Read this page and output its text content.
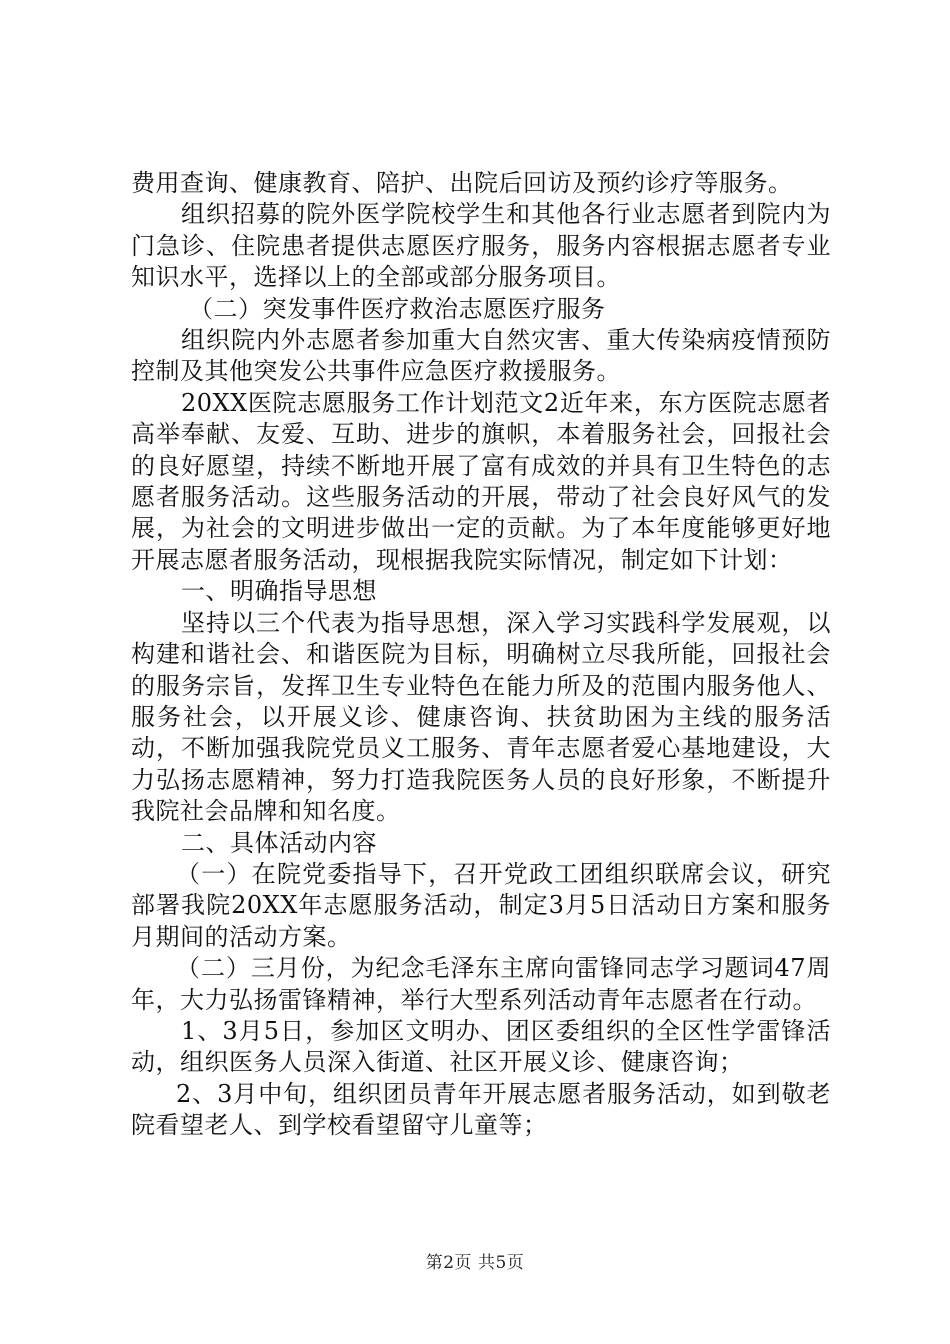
费用查询、健康教育、陪护、出院后回访及预约诊疗等服务。

组织招募的院外医学院校学生和其他各行业志愿者到院内为门急诊、住院患者提供志愿医疗服务，服务内容根据志愿者专业知识水平，选择以上的全部或部分服务项目。

（二）突发事件医疗救治志愿医疗服务

组织院内外志愿者参加重大自然灾害、重大传染病疫情预防控制及其他突发公共事件应急医疗救援服务。

20XX医院志愿服务工作计划范文2近年来，东方医院志愿者高举奉献、友爱、互助、进步的旗帜，本着服务社会，回报社会的良好愿望，持续不断地开展了富有成效的并具有卫生特色的志愿者服务活动。这些服务活动的开展，带动了社会良好风气的发展，为社会的文明进步做出一定的贡献。为了本年度能够更好地开展志愿者服务活动，现根据我院实际情况，制定如下计划：

一、明确指导思想

坚持以三个代表为指导思想，深入学习实践科学发展观，以构建和谐社会、和谐医院为目标，明确树立尽我所能，回报社会的服务宗旨，发挥卫生专业特色在能力所及的范围内服务他人、服务社会，以开展义诊、健康咨询、扶贫助困为主线的服务活动，不断加强我院党员义工服务、青年志愿者爱心基地建设，大力弘扬志愿精神，努力打造我院医务人员的良好形象，不断提升我院社会品牌和知名度。

二、具体活动内容

（一）在院党委指导下，召开党政工团组织联席会议，研究部署我院20XX年志愿服务活动，制定3月5日活动日方案和服务月期间的活动方案。

（二）三月份，为纪念毛泽东主席向雷锋同志学习题词47周年，大力弘扬雷锋精神，举行大型系列活动青年志愿者在行动。

1、3月5日，参加区文明办、团区委组织的全区性学雷锋活动，组织医务人员深入街道、社区开展义诊、健康咨询；

2、3月中旬，组织团员青年开展志愿者服务活动，如到敬老院看望老人、到学校看望留守儿童等；

第2页 共5页
